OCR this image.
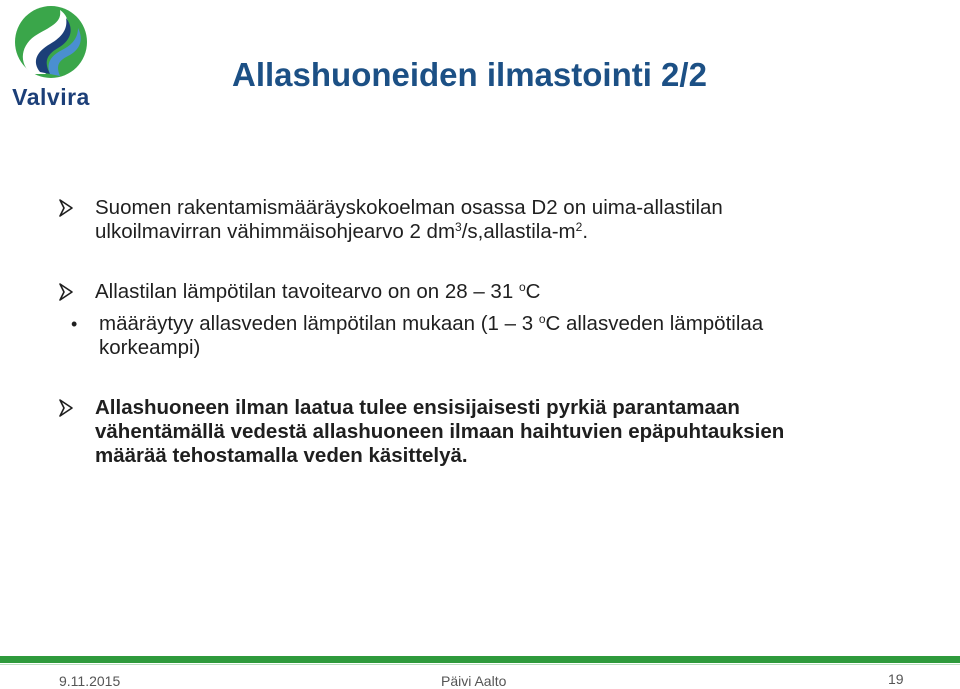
Valvira
Allashuoneiden ilmastointi 2/2
Suomen rakentamismääräyskokoelman osassa D2 on uima-allastilan
ulkoilmavirran vähimmäisohjearvo 2 $dm^3/s,allastila-m^2$.
Allastilan lämpötilan tavoitearvo on on 28 – 31 $^o$C
• määräytyy allasveden lämpötilan mukaan (1 – 3 $^o$C allasveden lämpötilaa
korkeampi)
Allashuoneen ilman laatua tulee ensisijaisesti pyrkiä parantamaan
vähentämällä vedestä allashuoneen ilmaan haihtuvien epäpuhtauksien
määrää tehostamalla veden käsittelyä.
9.11.2015	Päivi Aalto	19
